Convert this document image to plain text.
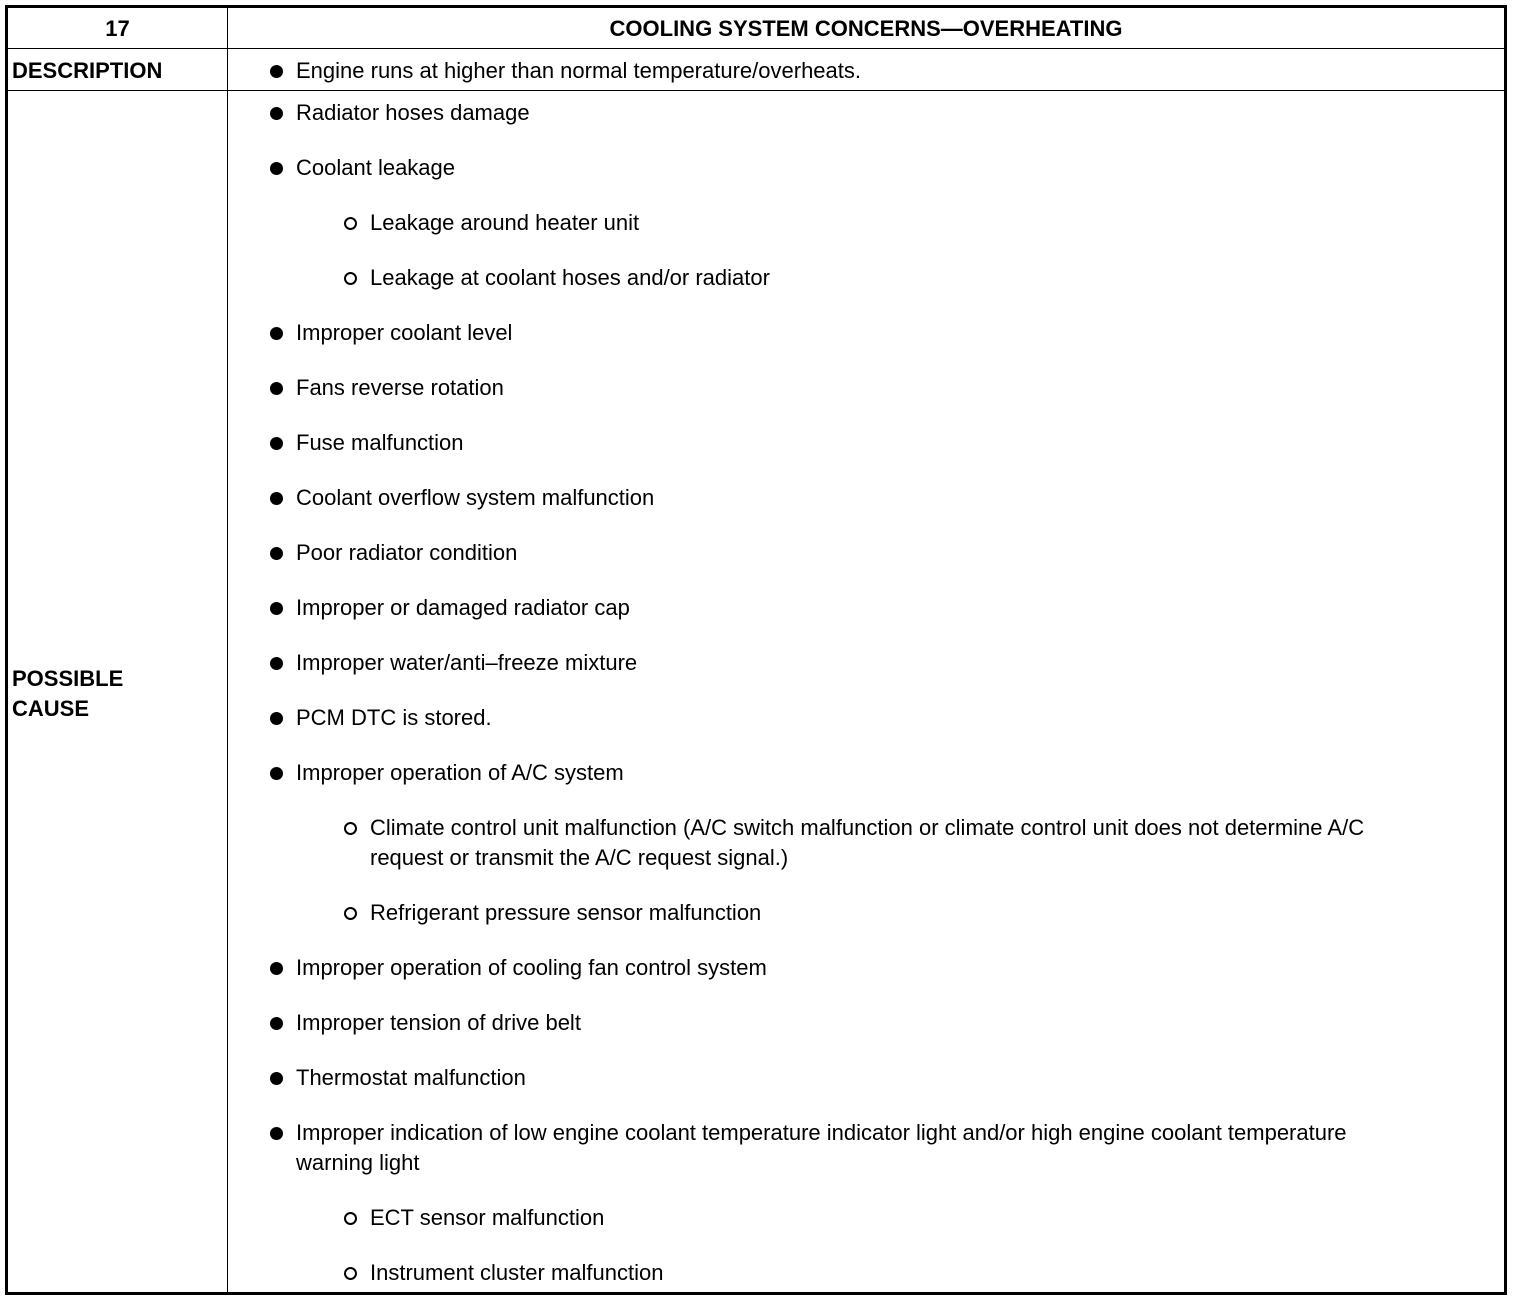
17	COOLING SYSTEM CONCERNS—OVERHEATING
DESCRIPTION
POSSIBLE
CAUSE
Engine runs at higher than normal temperature/overheats.
Radiator hoses damage
Coolant leakage
Leakage around heater unit
Leakage at coolant hoses and/or radiator
Improper coolant level
Fans reverse rotation
Fuse malfunction
Coolant overflow system malfunction
Poor radiator condition
Improper or damaged radiator cap
Improper water/anti–freeze mixture
PCM DTC is stored.
Improper operation of A/C system
Climate control unit malfunction (A/C switch malfunction or climate control unit does not determine A/C request or transmit the A/C request signal.)
Refrigerant pressure sensor malfunction
Improper operation of cooling fan control system
Improper tension of drive belt
Thermostat malfunction
Improper indication of low engine coolant temperature indicator light and/or high engine coolant temperature warning light
ECT sensor malfunction
Instrument cluster malfunction
